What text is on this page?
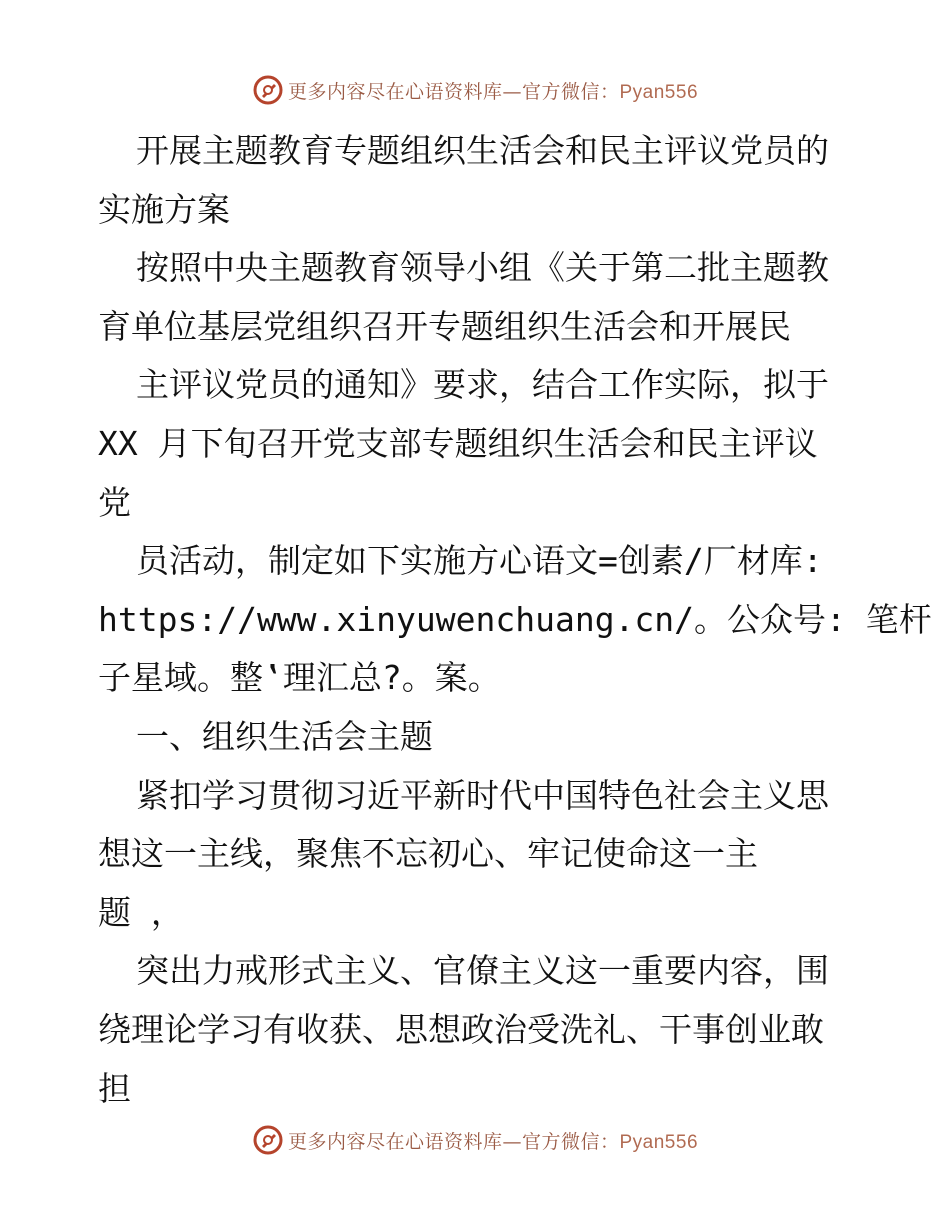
更多内容尽在心语资料库—官方微信：Pyan556
开展主题教育专题组织生活会和民主评议党员的
实施方案
按照中央主题教育领导小组《关于第二批主题教
育单位基层党组织召开专题组织生活会和开展民
主评议党员的通知》要求，结合工作实际，拟于
XX 月下旬召开党支部专题组织生活会和民主评议
党
员活动，制定如下实施方心语文=创素/厂材库:
https://www.xinyuwenchuang.cn/。公众号: 笔杆
子星域。整‛理汇总?。案。
一、组织生活会主题
紧扣学习贯彻习近平新时代中国特色社会主义思
想这一主线，聚焦不忘初心、牢记使命这一主
题 ，
突出力戒形式主义、官僚主义这一重要内容，围
绕理论学习有收获、思想政治受洗礼、干事创业敢
担
更多内容尽在心语资料库—官方微信：Pyan556
